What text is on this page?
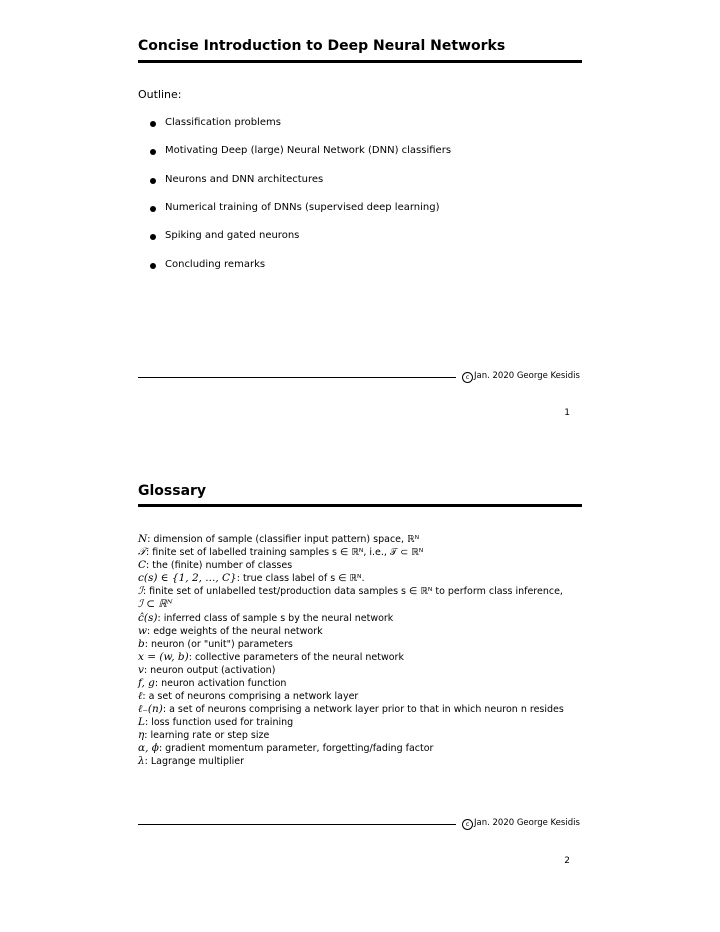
Concise Introduction to Deep Neural Networks
Outline:
Classification problems
Motivating Deep (large) Neural Network (DNN) classifiers
Neurons and DNN architectures
Numerical training of DNNs (supervised deep learning)
Spiking and gated neurons
Concluding remarks
c Jan. 2020 George Kesidis
1
Glossary
N: dimension of sample (classifier input pattern) space, ℝᴺ
𝒯: finite set of labelled training samples s ∈ ℝᴺ, i.e., 𝒯 ⊂ ℝᴺ
C: the (finite) number of classes
c(s) ∈ {1, 2, ..., C}: true class label of s ∈ ℝᴺ.
ℐ: finite set of unlabelled test/production data samples s ∈ ℝᴺ to perform class inference,
ℐ ⊂ ℝᴺ
ĉ(s): inferred class of sample s by the neural network
w: edge weights of the neural network
b: neuron (or "unit") parameters
x = (w, b): collective parameters of the neural network
v: neuron output (activation)
f, g: neuron activation function
ℓ: a set of neurons comprising a network layer
ℓ₋(n): a set of neurons comprising a network layer prior to that in which neuron n resides
L: loss function used for training
η: learning rate or step size
α, ϕ: gradient momentum parameter, forgetting/fading factor
λ: Lagrange multiplier
c Jan. 2020 George Kesidis
2
